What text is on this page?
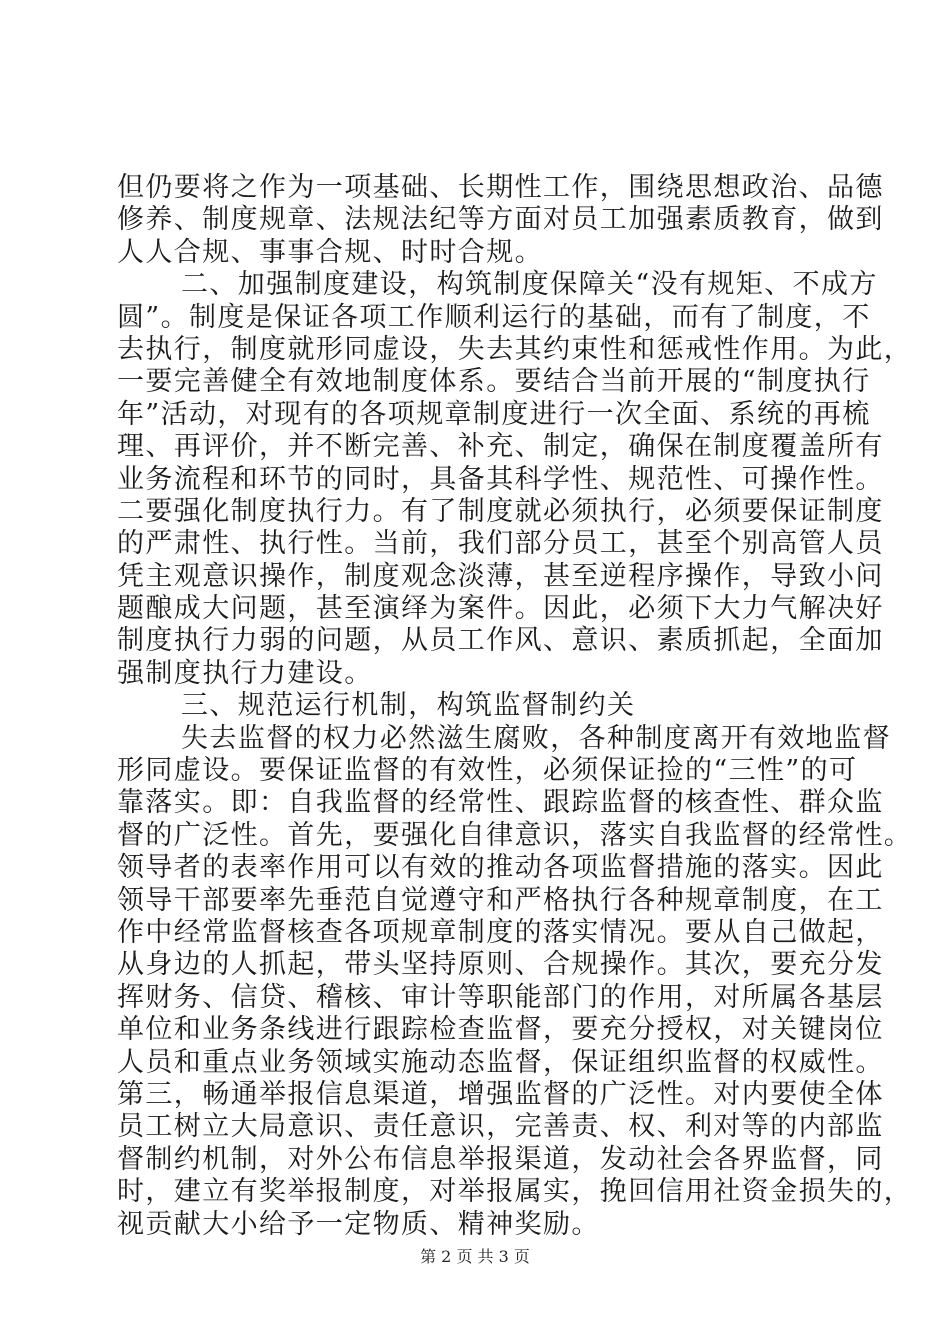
但仍要将之作为一项基础、长期性工作，围绕思想政治、品德
修养、制度规章、法规法纪等方面对员工加强素质教育，做到
人人合规、事事合规、时时合规。
二、加强制度建设，构筑制度保障关“没有规矩、不成方
圆”。制度是保证各项工作顺利运行的基础，而有了制度，不
去执行，制度就形同虚设，失去其约束性和惩戒性作用。为此，
一要完善健全有效地制度体系。要结合当前开展的“制度执行
年”活动，对现有的各项规章制度进行一次全面、系统的再梳
理、再评价，并不断完善、补充、制定，确保在制度覆盖所有
业务流程和环节的同时，具备其科学性、规范性、可操作性。
二要强化制度执行力。有了制度就必须执行，必须要保证制度
的严肃性、执行性。当前，我们部分员工，甚至个别高管人员
凭主观意识操作，制度观念淡薄，甚至逆程序操作，导致小问
题酿成大问题，甚至演绎为案件。因此，必须下大力气解决好
制度执行力弱的问题，从员工作风、意识、素质抓起，全面加
强制度执行力建设。
三、规范运行机制，构筑监督制约关
失去监督的权力必然滋生腐败，各种制度离开有效地监督
形同虚设。要保证监督的有效性，必须保证捡的“三性”的可
靠落实。即：自我监督的经常性、跟踪监督的核查性、群众监
督的广泛性。首先，要强化自律意识，落实自我监督的经常性。
领导者的表率作用可以有效的推动各项监督措施的落实。因此
领导干部要率先垂范自觉遵守和严格执行各种规章制度，在工
作中经常监督核查各项规章制度的落实情况。要从自己做起，
从身边的人抓起，带头坚持原则、合规操作。其次，要充分发
挥财务、信贷、稽核、审计等职能部门的作用，对所属各基层
单位和业务条线进行跟踪检查监督，要充分授权，对关键岗位
人员和重点业务领域实施动态监督，保证组织监督的权威性。
第三，畅通举报信息渠道，增强监督的广泛性。对内要使全体
员工树立大局意识、责任意识，完善责、权、利对等的内部监
督制约机制，对外公布信息举报渠道，发动社会各界监督，同
时，建立有奖举报制度，对举报属实，挽回信用社资金损失的，
视贡献大小给予一定物质、精神奖励。
第 2 页 共 3 页
